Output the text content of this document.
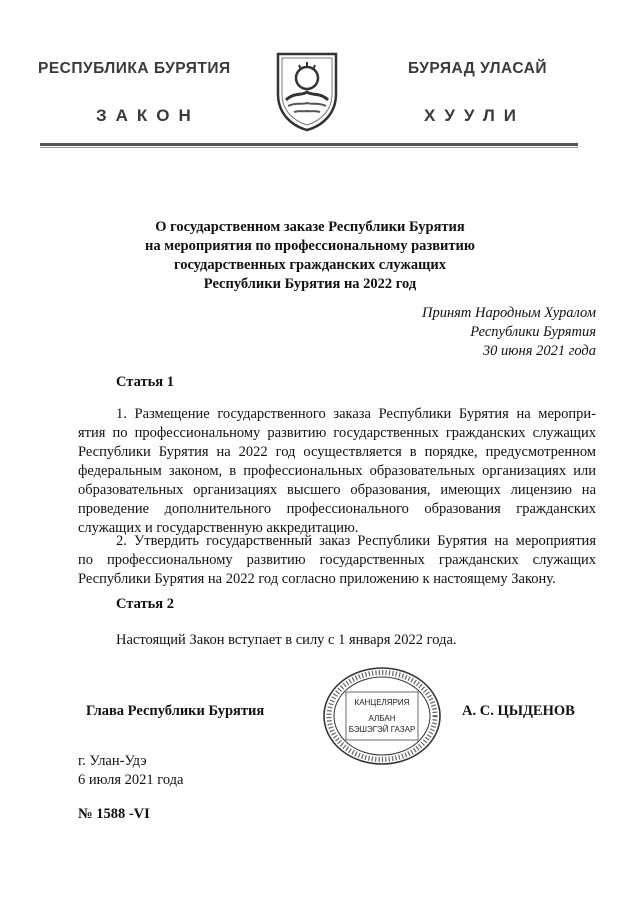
РЕСПУБЛИКА БУРЯТИЯ	БУРЯАД УЛАСАЙ
ЗАКОН	ХУУЛИ
О государственном заказе Республики Бурятия
на мероприятия по профессиональному развитию
государственных гражданских служащих
Республики Бурятия на 2022 год
Принят Народным Хуралом
Республики Бурятия
30 июня 2021 года
Статья 1
1. Размещение государственного заказа Республики Бурятия на меропри-
ятия по профессиональному развитию государственных гражданских служащих
Республики Бурятия на 2022 год осуществляется в порядке, предусмотренном
федеральным законом, в профессиональных образовательных организациях или
образовательных организациях высшего образования, имеющих лицензию на
проведение дополнительного профессионального образования гражданских
служащих и государственную аккредитацию.
2. Утвердить государственный заказ Республики Бурятия на мероприятия
по профессиональному развитию государственных гражданских служащих
Республики Бурятия на 2022 год согласно приложению к настоящему Закону.
Статья 2
Настоящий Закон вступает в силу с 1 января 2022 года.
Глава Республики Бурятия
КАНЦЕЛЯРИЯ
АЛБАН
БЭШЭГЭЙ ГАЗАР
А. С. ЦЫДЕНОВ
г. Улан-Удэ
6 июля 2021 года
№ 1588 -VI
